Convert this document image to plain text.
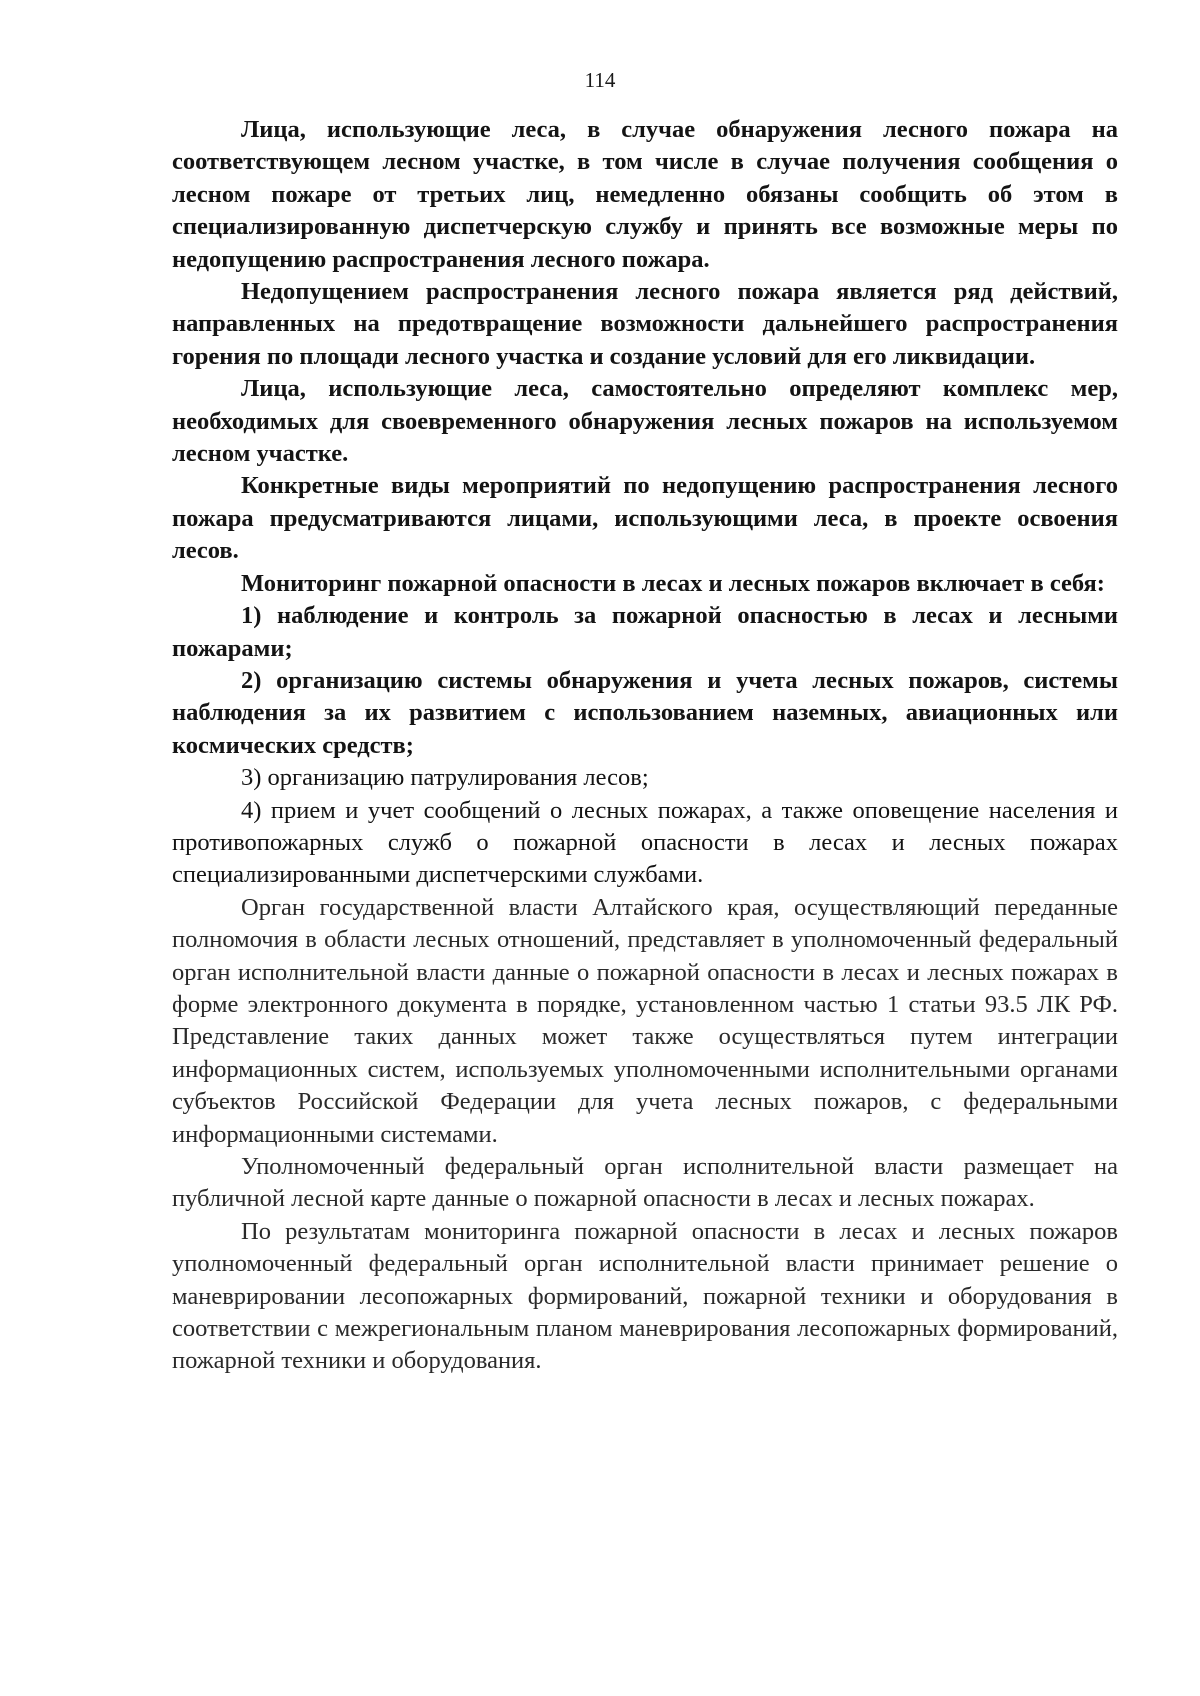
114

Лица, использующие леса, в случае обнаружения лесного пожара на соответствующем лесном участке, в том числе в случае получения сообщения о лесном пожаре от третьих лиц, немедленно обязаны сообщить об этом в специализированную диспетчерскую службу и принять все возможные меры по недопущению распространения лесного пожара.

Недопущением распространения лесного пожара является ряд действий, направленных на предотвращение возможности дальнейшего распространения горения по площади лесного участка и создание условий для его ликвидации.

Лица, использующие леса, самостоятельно определяют комплекс мер, необходимых для своевременного обнаружения лесных пожаров на используемом лесном участке.

Конкретные виды мероприятий по недопущению распространения лесного пожара предусматриваются лицами, использующими леса, в проекте освоения лесов.

Мониторинг пожарной опасности в лесах и лесных пожаров включает в себя:

1) наблюдение и контроль за пожарной опасностью в лесах и лесными пожарами;

2) организацию системы обнаружения и учета лесных пожаров, системы наблюдения за их развитием с использованием наземных, авиационных или космических средств;

3) организацию патрулирования лесов;

4) прием и учет сообщений о лесных пожарах, а также оповещение населения и противопожарных служб о пожарной опасности в лесах и лесных пожарах специализированными диспетчерскими службами.

Орган государственной власти Алтайского края, осуществляющий переданные полномочия в области лесных отношений, представляет в уполномоченный федеральный орган исполнительной власти данные о пожарной опасности в лесах и лесных пожарах в форме электронного документа в порядке, установленном частью 1 статьи 93.5 ЛК РФ. Представление таких данных может также осуществляться путем интеграции информационных систем, используемых уполномоченными исполнительными органами субъектов Российской Федерации для учета лесных пожаров, с федеральными информационными системами.

Уполномоченный федеральный орган исполнительной власти размещает на публичной лесной карте данные о пожарной опасности в лесах и лесных пожарах.

По результатам мониторинга пожарной опасности в лесах и лесных пожаров уполномоченный федеральный орган исполнительной власти принимает решение о маневрировании лесопожарных формирований, пожарной техники и оборудования в соответствии с межрегиональным планом маневрирования лесопожарных формирований, пожарной техники и оборудования.
